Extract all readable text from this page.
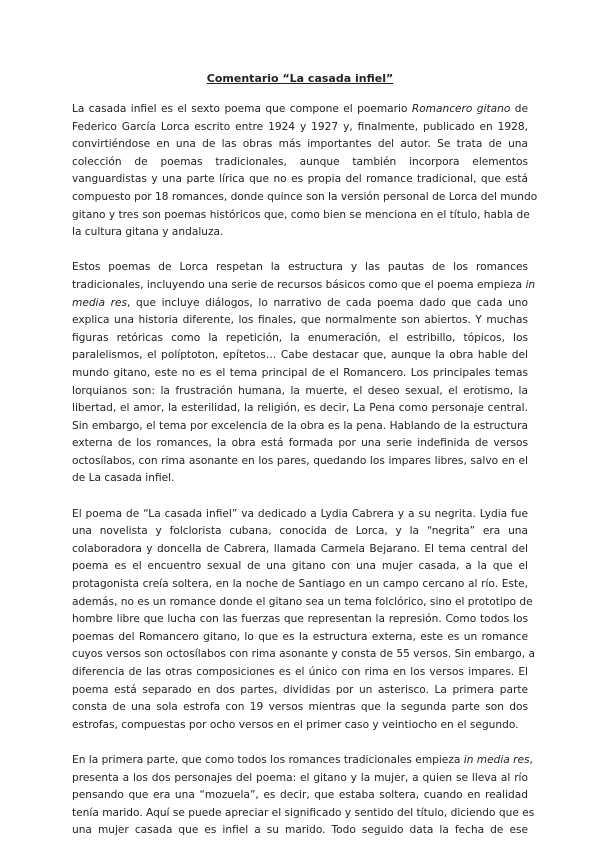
Comentario “La casada infiel”
La casada infiel es el sexto poema que compone el poemario Romancero gitano de
Federico García Lorca escrito entre 1924 y 1927 y, finalmente, publicado en 1928,
convirtiéndose en una de las obras más importantes del autor. Se trata de una
colección de poemas tradicionales, aunque también incorpora elementos
vanguardistas y una parte lírica que no es propia del romance tradicional, que está
compuesto por 18 romances, donde quince son la versión personal de Lorca del mundo
gitano y tres son poemas históricos que, como bien se menciona en el título, habla de
la cultura gitana y andaluza.
Estos poemas de Lorca respetan la estructura y las pautas de los romances
tradicionales, incluyendo una serie de recursos básicos como que el poema empieza in
media res, que incluye diálogos, lo narrativo de cada poema dado que cada uno
explica una historia diferente, los finales, que normalmente son abiertos. Y muchas
figuras retóricas como la repetición, la enumeración, el estribillo, tópicos, los
paralelismos, el políptoton, epítetos… Cabe destacar que, aunque la obra hable del
mundo gitano, este no es el tema principal de el Romancero. Los principales temas
lorquianos son: la frustración humana, la muerte, el deseo sexual, el erotismo, la
libertad, el amor, la esterilidad, la religión, es decir, La Pena como personaje central.
Sin embargo, el tema por excelencia de la obra es la pena. Hablando de la estructura
externa de los romances, la obra está formada por una serie indefinida de versos
octosílabos, con rima asonante en los pares, quedando los impares libres, salvo en el
de La casada infiel.
El poema de “La casada infiel” va dedicado a Lydia Cabrera y a su negrita. Lydia fue
una novelista y folclorista cubana, conocida de Lorca, y la “negrita” era una
colaboradora y doncella de Cabrera, llamada Carmela Bejarano. El tema central del
poema es el encuentro sexual de una gitano con una mujer casada, a la que el
protagonista creía soltera, en la noche de Santiago en un campo cercano al río. Este,
además, no es un romance donde el gitano sea un tema folclórico, sino el prototipo de
hombre libre que lucha con las fuerzas que representan la represión. Como todos los
poemas del Romancero gitano, lo que es la estructura externa, este es un romance
cuyos versos son octosílabos con rima asonante y consta de 55 versos. Sin embargo, a
diferencia de las otras composiciones es el único con rima en los versos impares. El
poema está separado en dos partes, divididas por un asterisco. La primera parte
consta de una sola estrofa con 19 versos mientras que la segunda parte son dos
estrofas, compuestas por ocho versos en el primer caso y veintiocho en el segundo.
En la primera parte, que como todos los romances tradicionales empieza in media res,
presenta a los dos personajes del poema: el gitano y la mujer, a quien se lleva al río
pensando que era una “mozuela”, es decir, que estaba soltera, cuando en realidad
tenía marido. Aquí se puede apreciar el significado y sentido del título, diciendo que es
una mujer casada que es infiel a su marido. Todo seguido data la fecha de ese
